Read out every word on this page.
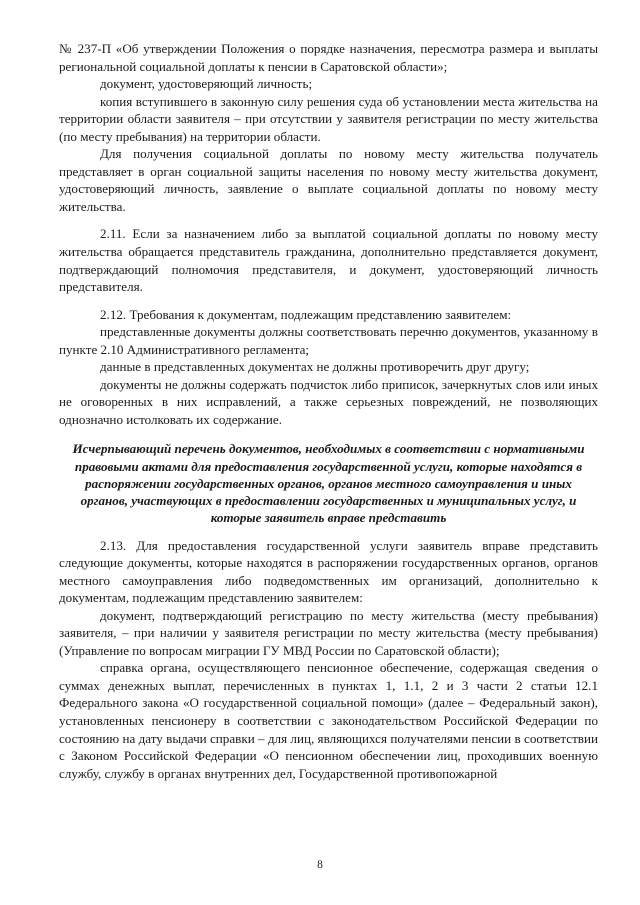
№ 237-П «Об утверждении Положения о порядке назначения, пересмотра размера и выплаты региональной социальной доплаты к пенсии в Саратовской области»;

документ, удостоверяющий личность;

копия вступившего в законную силу решения суда об установлении места жительства на территории области заявителя – при отсутствии у заявителя регистрации по месту жительства (по месту пребывания) на территории области.

Для получения социальной доплаты по новому месту жительства получатель представляет в орган социальной защиты населения по новому месту жительства документ, удостоверяющий личность, заявление о выплате социальной доплаты по новому месту жительства.

2.11. Если за назначением либо за выплатой социальной доплаты по новому месту жительства обращается представитель гражданина, дополнительно представляется документ, подтверждающий полномочия представителя, и документ, удостоверяющий личность представителя.

2.12. Требования к документам, подлежащим представлению заявителем:

представленные документы должны соответствовать перечню документов, указанному в пункте 2.10 Административного регламента;

данные в представленных документах не должны противоречить друг другу;

документы не должны содержать подчисток либо приписок, зачеркнутых слов или иных не оговоренных в них исправлений, а также серьезных повреждений, не позволяющих однозначно истолковать их содержание.

Исчерпывающий перечень документов, необходимых в соответствии с нормативными правовыми актами для предоставления государственной услуги, которые находятся в распоряжении государственных органов, органов местного самоуправления и иных органов, участвующих в предоставлении государственных и муниципальных услуг, и которые заявитель вправе представить

2.13. Для предоставления государственной услуги заявитель вправе представить следующие документы, которые находятся в распоряжении государственных органов, органов местного самоуправления либо подведомственных им организаций, дополнительно к документам, подлежащим представлению заявителем:

документ, подтверждающий регистрацию по месту жительства (месту пребывания) заявителя, – при наличии у заявителя регистрации по месту жительства (месту пребывания) (Управление по вопросам миграции ГУ МВД России по Саратовской области);

справка органа, осуществляющего пенсионное обеспечение, содержащая сведения о суммах денежных выплат, перечисленных в пунктах 1, 1.1, 2 и 3 части 2 статьи 12.1 Федерального закона «О государственной социальной помощи» (далее – Федеральный закон), установленных пенсионеру в соответствии с законодательством Российской Федерации по состоянию на дату выдачи справки – для лиц, являющихся получателями пенсии в соответствии с Законом Российской Федерации «О пенсионном обеспечении лиц, проходивших военную службу, службу в органах внутренних дел, Государственной противопожарной

8
